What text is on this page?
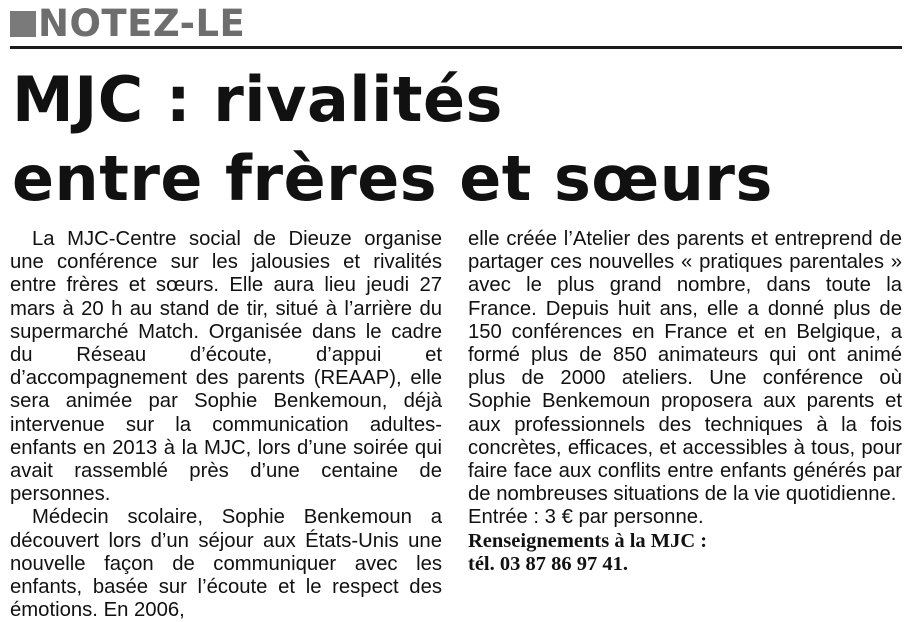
NOTEZ-LE
MJC : rivalités
entre frères et sœurs

La MJC-Centre social de Dieuze organise une conférence sur les jalousies et rivalités entre frères et sœurs. Elle aura lieu jeudi 27 mars à 20 h au stand de tir, situé à l’arrière du supermarché Match. Organisée dans le cadre du Réseau d’écoute, d’appui et d’accompagnement des parents (REAAP), elle sera animée par Sophie Benkemoun, déjà intervenue sur la communication adultes-enfants en 2013 à la MJC, lors d’une soirée qui avait rassemblé près d’une centaine de personnes.

Médecin scolaire, Sophie Benkemoun a découvert lors d’un séjour aux États-Unis une nouvelle façon de communiquer avec les enfants, basée sur l’écoute et le respect des émotions. En 2006,

elle créée l’Atelier des parents et entreprend de partager ces nouvelles « pratiques parentales » avec le plus grand nombre, dans toute la France. Depuis huit ans, elle a donné plus de 150 conférences en France et en Belgique, a formé plus de 850 animateurs qui ont animé plus de 2000 ateliers. Une conférence où Sophie Benkemoun proposera aux parents et aux professionnels des techniques à la fois concrètes, efficaces, et accessibles à tous, pour faire face aux conflits entre enfants générés par de nombreuses situations de la vie quotidienne.

Entrée : 3 € par personne.

Renseignements à la MJC :
tél. 03 87 86 97 41.
